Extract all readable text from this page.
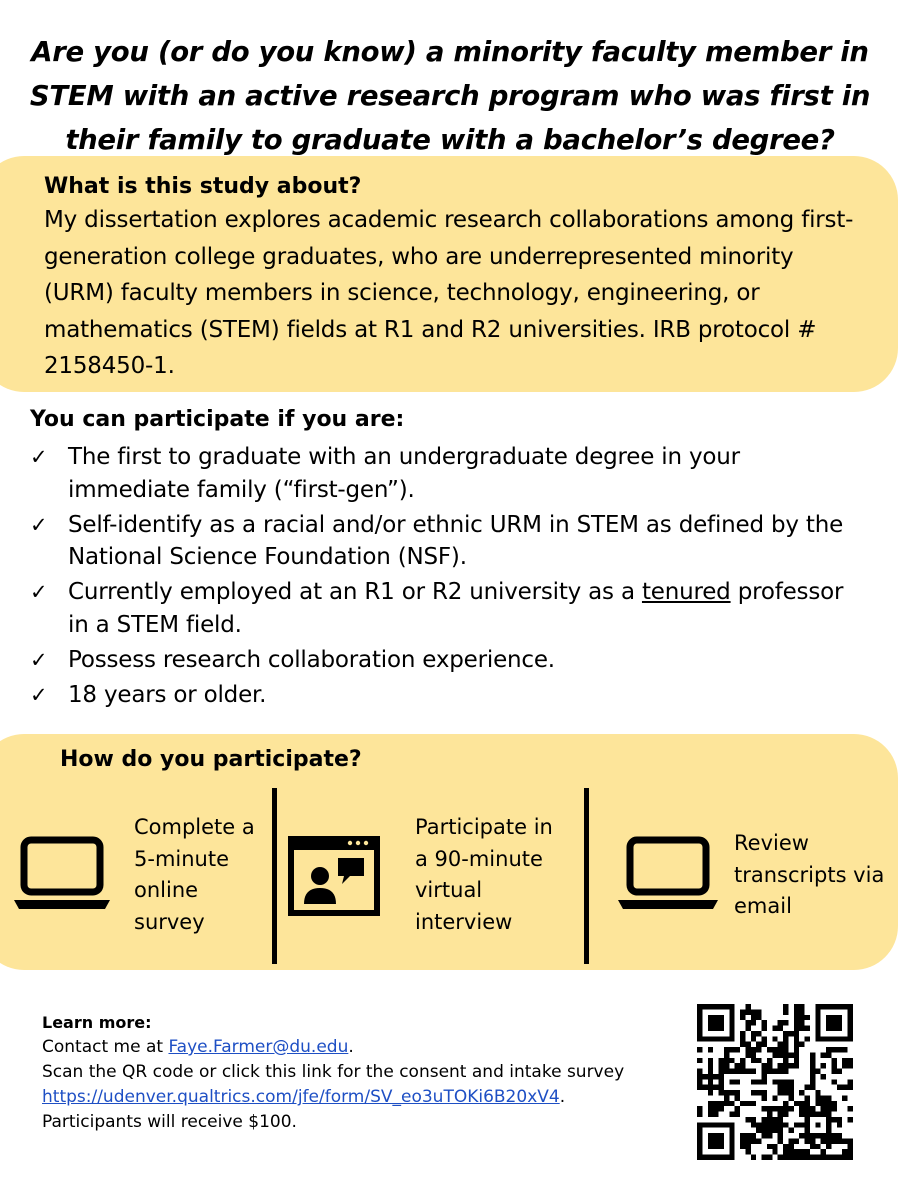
Are you (or do you know) a minority faculty member in STEM with an active research program who was first in their family to graduate with a bachelor’s degree?

What is this study about?

My dissertation explores academic research collaborations among first-generation college graduates, who are underrepresented minority (URM) faculty members in science, technology, engineering, or mathematics (STEM) fields at R1 and R2 universities. IRB protocol # 2158450-1.

You can participate if you are:
✓ The first to graduate with an undergraduate degree in your
immediate family (“first-gen”).
✓ Self-identify as a racial and/or ethnic URM in STEM as defined by the
National Science Foundation (NSF).
✓ Currently employed at an R1 or R2 university as a tenured professor
in a STEM field.
✓ Possess research collaboration experience.
✓ 18 years or older.
How do you participate?

Complete a
5-minute
online
survey

Participate in
a 90-minute
virtual
interview

Review
transcripts via
email

Learn more:
Contact me at Faye.Farmer@du.edu.
Scan the QR code or click this link for the consent and intake survey
https://udenver.qualtrics.com/jfe/form/SV_eo3uTOKi6B20xV4.
Participants will receive $100.
